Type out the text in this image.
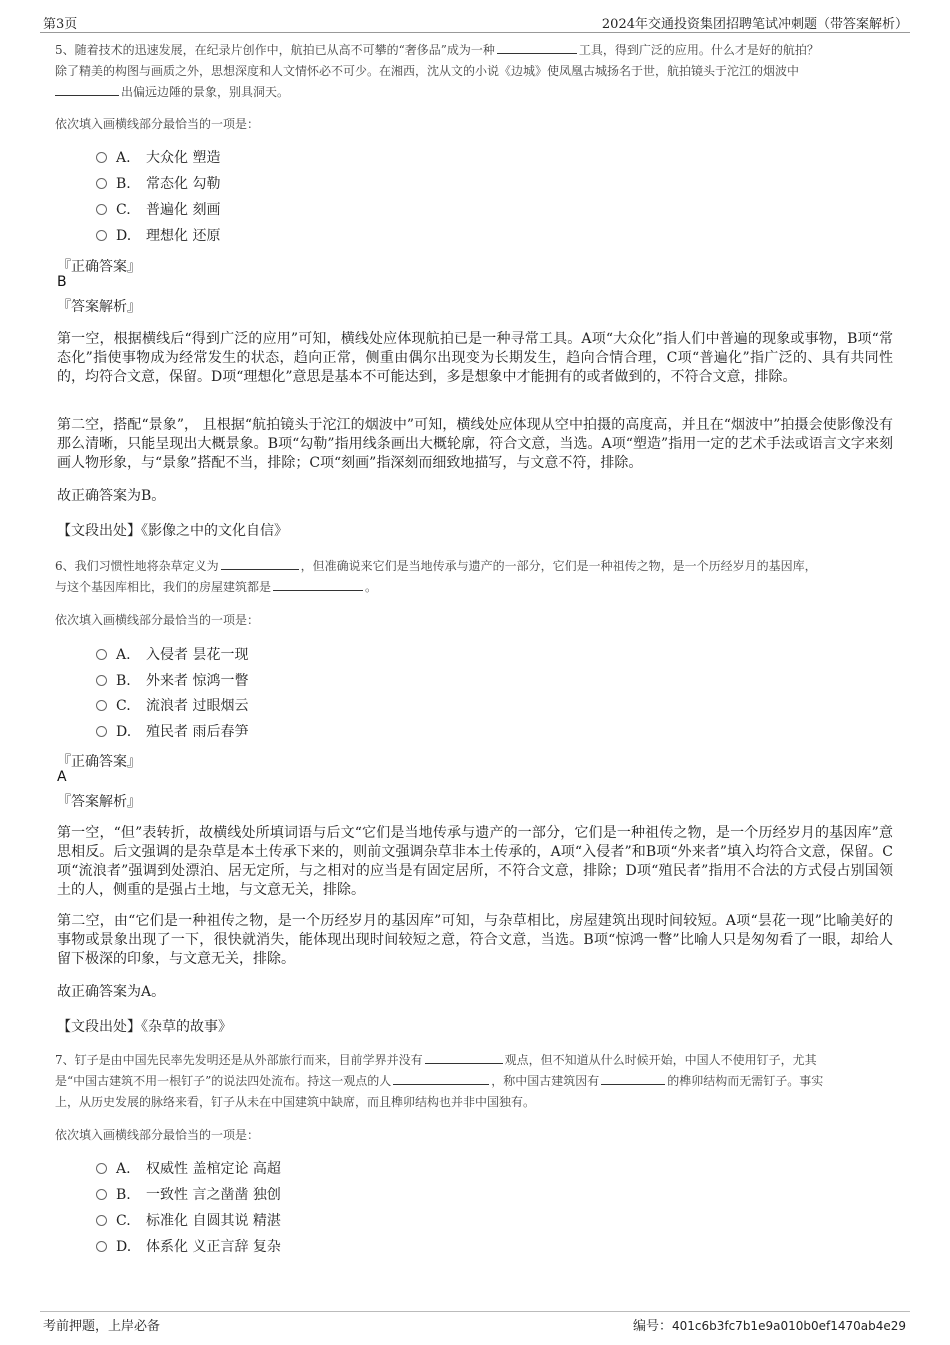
第3页	2024年交通投资集团招聘笔试冲刺题（带答案解析）
5、随着技术的迅速发展，在纪录片创作中，航拍已从高不可攀的“奢侈品”成为一种	工具，得到广泛的应用。什么才是好的航拍？
除了精美的构图与画质之外，思想深度和人文情怀必不可少。在湘西，沈从文的小说《边城》使凤凰古城扬名于世，航拍镜头于沱江的烟波中
出偏远边陲的景象，别具洞天。
依次填入画横线部分最恰当的一项是：
A. 大众化 塑造
B. 常态化 勾勒
C. 普遍化 刻画
D. 理想化 还原
『正确答案』
B
『答案解析』
第一空，根据横线后“得到广泛的应用”可知，横线处应体现航拍已是一种寻常工具。A项“大众化”指人们中普遍的现象或事物，B项“常态化”指使事物成为经常发生的状态，趋向正常，侧重由偶尔出现变为长期发生，趋向合情合理，C项“普遍化”指广泛的、具有共同性的，均符合文意，保留。D项“理想化”意思是基本不可能达到，多是想象中才能拥有的或者做到的，不符合文意，排除。
第二空，搭配“景象”， 且根据“航拍镜头于沱江的烟波中”可知，横线处应体现从空中拍摄的高度高，并且在“烟波中”拍摄会使影像没有那么清晰，只能呈现出大概景象。B项“勾勒”指用线条画出大概轮廓，符合文意，当选。A项“塑造”指用一定的艺术手法或语言文字来刻画人物形象，与“景象”搭配不当，排除；C项“刻画”指深刻而细致地描写，与文意不符，排除。
故正确答案为B。
【文段出处】《影像之中的文化自信》
6、我们习惯性地将杂草定义为	，但准确说来它们是当地传承与遗产的一部分，它们是一种祖传之物，是一个历经岁月的基因库，
与这个基因库相比，我们的房屋建筑都是	。
依次填入画横线部分最恰当的一项是：
A. 入侵者 昙花一现
B. 外来者 惊鸿一瞥
C. 流浪者 过眼烟云
D. 殖民者 雨后春笋
『正确答案』
A
『答案解析』
第一空，“但”表转折，故横线处所填词语与后文“它们是当地传承与遗产的一部分，它们是一种祖传之物，是一个历经岁月的基因库”意思相反。后文强调的是杂草是本土传承下来的，则前文强调杂草非本土传承的，A项“入侵者”和B项“外来者”填入均符合文意，保留。C项“流浪者”强调到处漂泊、居无定所，与之相对的应当是有固定居所，不符合文意，排除；D项“殖民者”指用不合法的方式侵占别国领土的人，侧重的是强占土地，与文意无关，排除。
第二空，由“它们是一种祖传之物，是一个历经岁月的基因库”可知，与杂草相比，房屋建筑出现时间较短。A项“昙花一现”比喻美好的事物或景象出现了一下，很快就消失，能体现出现时间较短之意，符合文意，当选。B项“惊鸿一瞥”比喻人只是匆匆看了一眼，却给人留下极深的印象，与文意无关，排除。
故正确答案为A。
【文段出处】《杂草的故事》
7、钉子是由中国先民率先发明还是从外部旅行而来，目前学界并没有	观点，但不知道从什么时候开始，中国人不使用钉子，尤其
是“中国古建筑不用一根钉子”的说法四处流布。持这一观点的人	，称中国古建筑因有	的榫卯结构而无需钉子。事实
上，从历史发展的脉络来看，钉子从未在中国建筑中缺席，而且榫卯结构也并非中国独有。
依次填入画横线部分最恰当的一项是：
A. 权威性 盖棺定论 高超
B. 一致性 言之凿凿 独创
C. 标准化 自圆其说 精湛
D. 体系化 义正言辞 复杂
考前押题，上岸必备	编号：401c6b3fc7b1e9a010b0ef1470ab4e29
